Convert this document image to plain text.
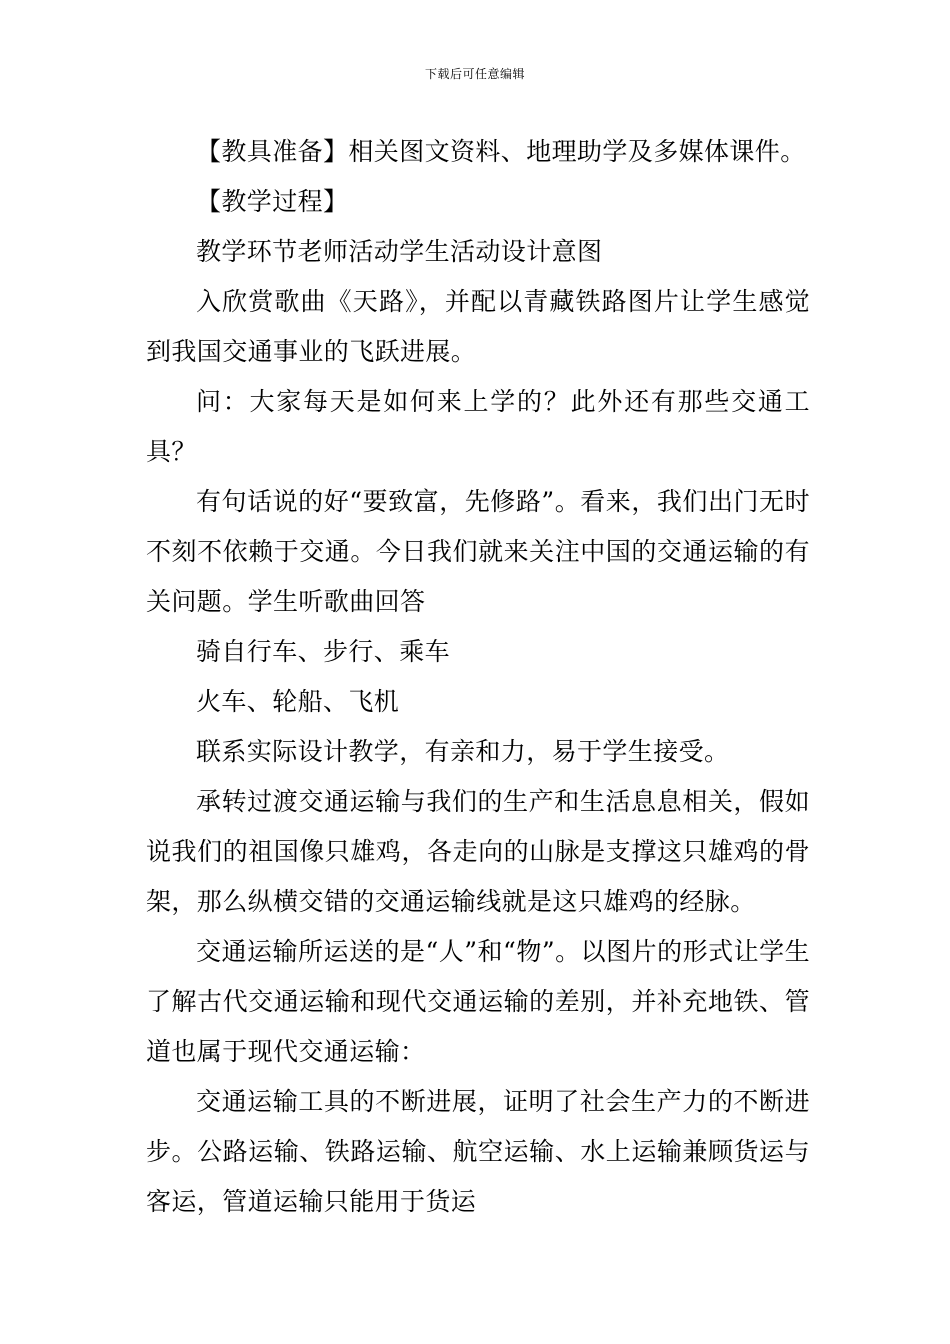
下载后可任意编辑

【教具准备】相关图文资料、地理助学及多媒体课件。

【教学过程】

教学环节老师活动学生活动设计意图

入欣赏歌曲《天路》，并配以青藏铁路图片让学生感觉到我国交通事业的飞跃进展。

问：大家每天是如何来上学的？此外还有那些交通工具？

有句话说的好“要致富，先修路”。看来，我们出门无时不刻不依赖于交通。今日我们就来关注中国的交通运输的有关问题。学生听歌曲回答

骑自行车、步行、乘车

火车、轮船、飞机

联系实际设计教学，有亲和力，易于学生接受。

承转过渡交通运输与我们的生产和生活息息相关，假如说我们的祖国像只雄鸡，各走向的山脉是支撑这只雄鸡的骨架，那么纵横交错的交通运输线就是这只雄鸡的经脉。

交通运输所运送的是“人”和“物”。以图片的形式让学生了解古代交通运输和现代交通运输的差别，并补充地铁、管道也属于现代交通运输：

交通运输工具的不断进展，证明了社会生产力的不断进步。公路运输、铁路运输、航空运输、水上运输兼顾货运与客运，管道运输只能用于货运
